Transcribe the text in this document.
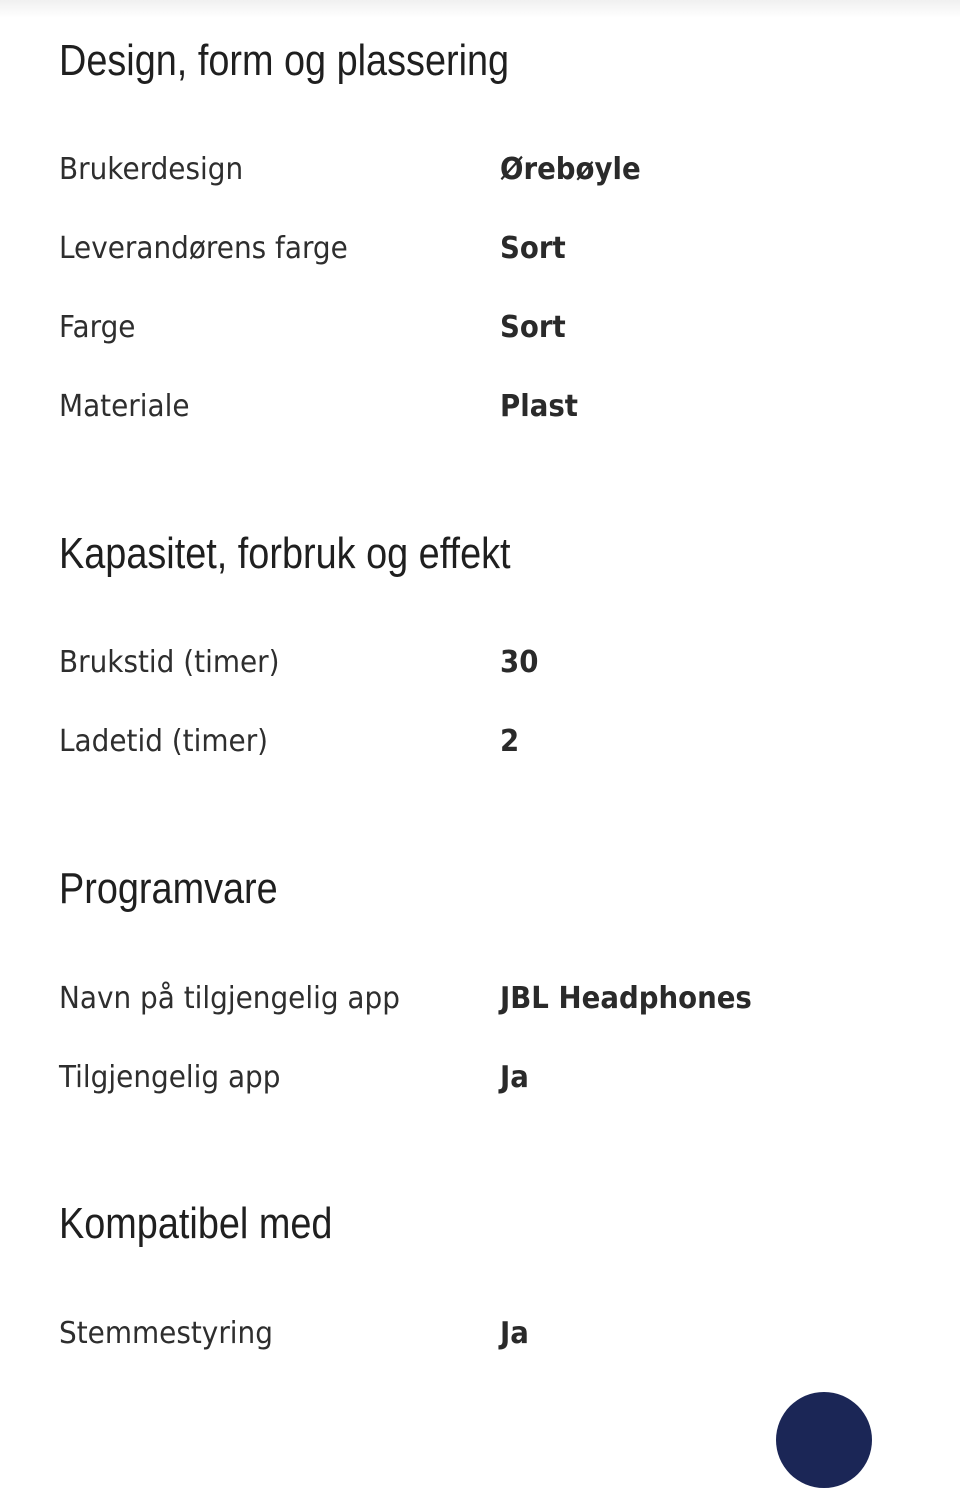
Design, form og plassering
Brukerdesign	Ørebøyle
Leverandørens farge	Sort
Farge	Sort
Materiale	Plast
Kapasitet, forbruk og effekt
Brukstid (timer)	30
Ladetid (timer)	2
Programvare
Navn på tilgjengelig app	JBL Headphones
Tilgjengelig app	Ja
Kompatibel med
Stemmestyring	Ja
